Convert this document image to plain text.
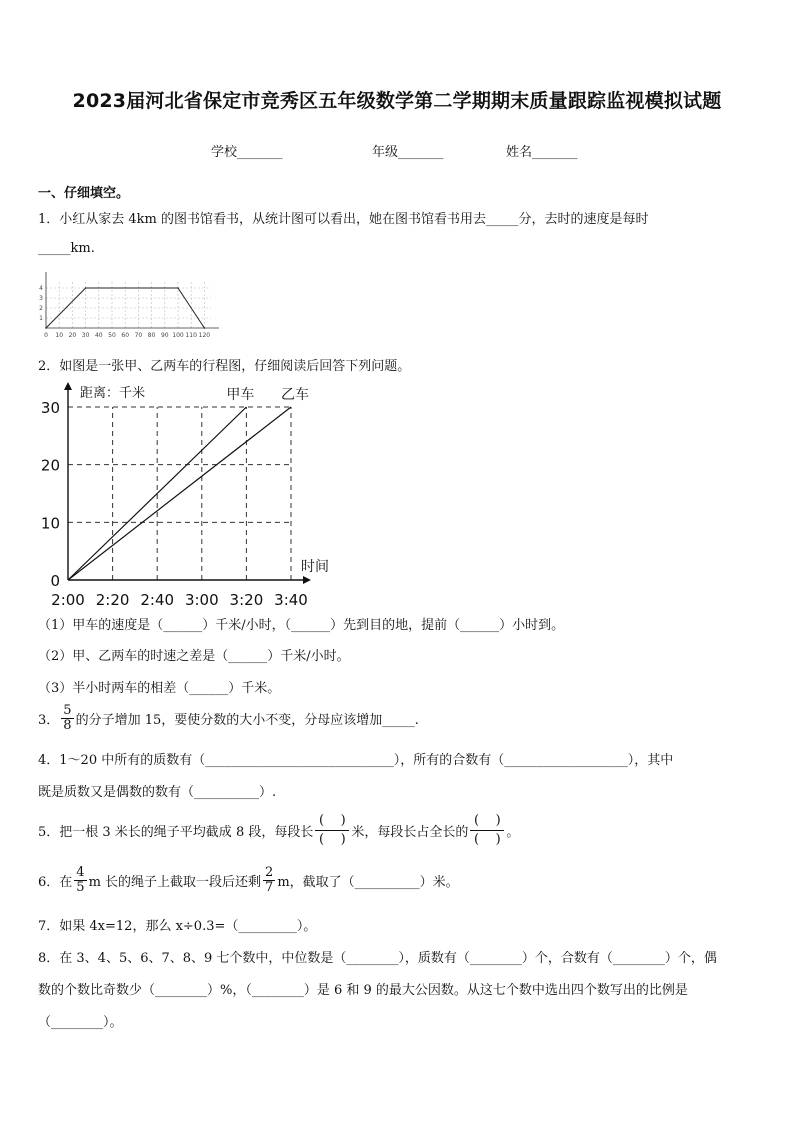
2023届河北省保定市竞秀区五年级数学第二学期期末质量跟踪监视模拟试题
学校_______	年级_______	姓名_______
一、仔细填空。
1．小红从家去 4km 的图书馆看书，从统计图可以看出，她在图书馆看书用去_____分，去时的速度是每时
_____km.
1
2
3
4
0 10 20 30 40 50 60 70 80 90 100 110 120
2．如图是一张甲、乙两车的行程图，仔细阅读后回答下列问题。
0
10
20
30
2:00 2:20 2:40 3:00 3:20 3:40
距离：千米
时间
甲车 乙车
（1）甲车的速度是（______）千米/小时，（______）先到目的地，提前（______）小时到。
（2）甲、乙两车的时速之差是（______）千米/小时。
（3）半小时两车的相差（______）千米。
3． $\frac{5}{8}$ 的分子增加 15，要使分数的大小不变，分母应该增加_____.
4．1～20 中所有的质数有（_____________________________），所有的合数有（___________________），其中
既是质数又是偶数的数有（__________）.
5．把一根 3 米长的绳子平均截成 8 段，每段长 $\frac{( )}{( )}$ 米，每段长占全长的 $\frac{( )}{( )}$ 。
6．在 $\frac{4}{5}$ m 长的绳子上截取一段后还剩 $\frac{2}{7}$ m，截取了（__________）米。
7．如果 4x=12，那么 x÷0.3=（_________）。
8．在 3、4、5、6、7、8、9 七个数中，中位数是（________），质数有（________）个，合数有（________）个，偶
数的个数比奇数少（________）%，（________）是 6 和 9 的最大公因数。从这七个数中选出四个数写出的比例是
（________）。
